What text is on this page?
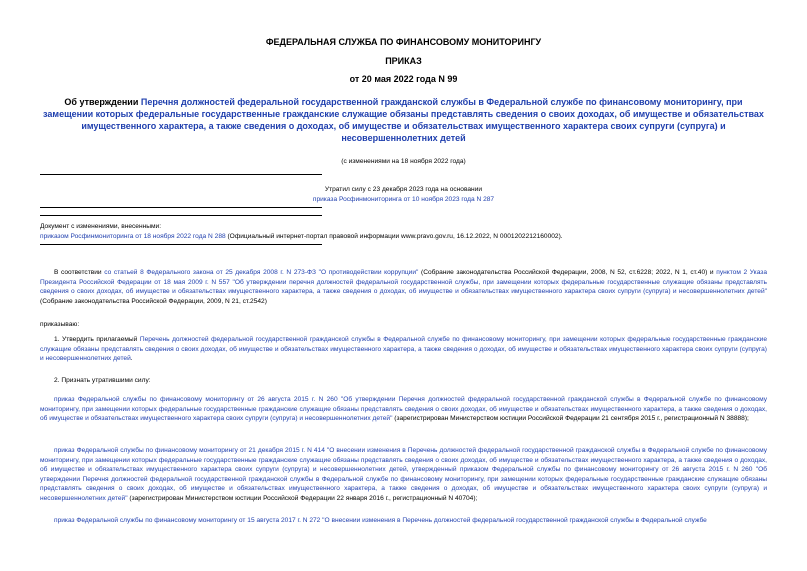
ФЕДЕРАЛЬНАЯ СЛУЖБА ПО ФИНАНСОВОМУ МОНИТОРИНГУ
ПРИКАЗ
от 20 мая 2022 года N 99
Об утверждении Перечня должностей федеральной государственной гражданской службы в Федеральной службе по финансовому мониторингу, при замещении которых федеральные государственные гражданские служащие обязаны представлять сведения о своих доходах, об имуществе и обязательствах имущественного характера, а также сведения о доходах, об имуществе и обязательствах имущественного характера своих супруги (супруга) и несовершеннолетних детей
(с изменениями на 18 ноября 2022 года)
Утратил силу с 23 декабря 2023 года на основании
приказа Росфинмониторинга от 10 ноября 2023 года N 287
Документ с изменениями, внесенными:
приказом Росфинмониторинга от 18 ноября 2022 года N 288 (Официальный интернет-портал правовой информации www.pravo.gov.ru, 16.12.2022, N 0001202212160002).
В соответствии со статьей 8 Федерального закона от 25 декабря 2008 г. N 273-ФЗ "О противодействии коррупции" (Собрание законодательства Российской Федерации, 2008, N 52, ст.6228; 2022, N 1, ст.40) и пунктом 2 Указа Президента Российской Федерации от 18 мая 2009 г. N 557 "Об утверждении перечня должностей федеральной государственной службы, при замещении которых федеральные государственные служащие обязаны представлять сведения о своих доходах, об имуществе и обязательствах имущественного характера, а также сведения о доходах, об имуществе и обязательствах имущественного характера своих супруги (супруга) и несовершеннолетних детей" (Собрание законодательства Российской Федерации, 2009, N 21, ст.2542)
приказываю:
1. Утвердить прилагаемый Перечень должностей федеральной государственной гражданской службы в Федеральной службе по финансовому мониторингу, при замещении которых федеральные государственные гражданские служащие обязаны представлять сведения о своих доходах, об имуществе и обязательствах имущественного характера, а также сведения о доходах, об имуществе и обязательствах имущественного характера своих супруги (супруга) и несовершеннолетних детей.
2. Признать утратившими силу:
приказ Федеральной службы по финансовому мониторингу от 26 августа 2015 г. N 260 "Об утверждении Перечня должностей федеральной государственной гражданской службы в Федеральной службе по финансовому мониторингу, при замещении которых федеральные государственные гражданские служащие обязаны представлять сведения о своих доходах, об имуществе и обязательствах имущественного характера, а также сведения о доходах, об имуществе и обязательствах имущественного характера своих супруги (супруга) и несовершеннолетних детей" (зарегистрирован Министерством юстиции Российской Федерации 21 сентября 2015 г., регистрационный N 38888);
приказ Федеральной службы по финансовому мониторингу от 21 декабря 2015 г. N 414 "О внесении изменения в Перечень должностей федеральной государственной гражданской службы в Федеральной службе по финансовому мониторингу, при замещении которых федеральные государственные гражданские служащие обязаны представлять сведения о своих доходах, об имуществе и обязательствах имущественного характера, а также сведения о доходах, об имуществе и обязательствах имущественного характера своих супруги (супруга) и несовершеннолетних детей, утвержденный приказом Федеральной службы по финансовому мониторингу от 26 августа 2015 г. N 260 "Об утверждении Перечня должностей федеральной государственной гражданской службы в Федеральной службе по финансовому мониторингу, при замещении которых федеральные государственные гражданские служащие обязаны представлять сведения о своих доходах, об имуществе и обязательствах имущественного характера, а также сведения о доходах, об имуществе и обязательствах имущественного характера своих супруги (супруга) и несовершеннолетних детей" (зарегистрирован Министерством юстиции Российской Федерации 22 января 2016 г., регистрационный N 40704);
приказ Федеральной службы по финансовому мониторингу от 15 августа 2017 г. N 272 "О внесении изменения в Перечень должностей федеральной государственной гражданской службы в Федеральной службе
